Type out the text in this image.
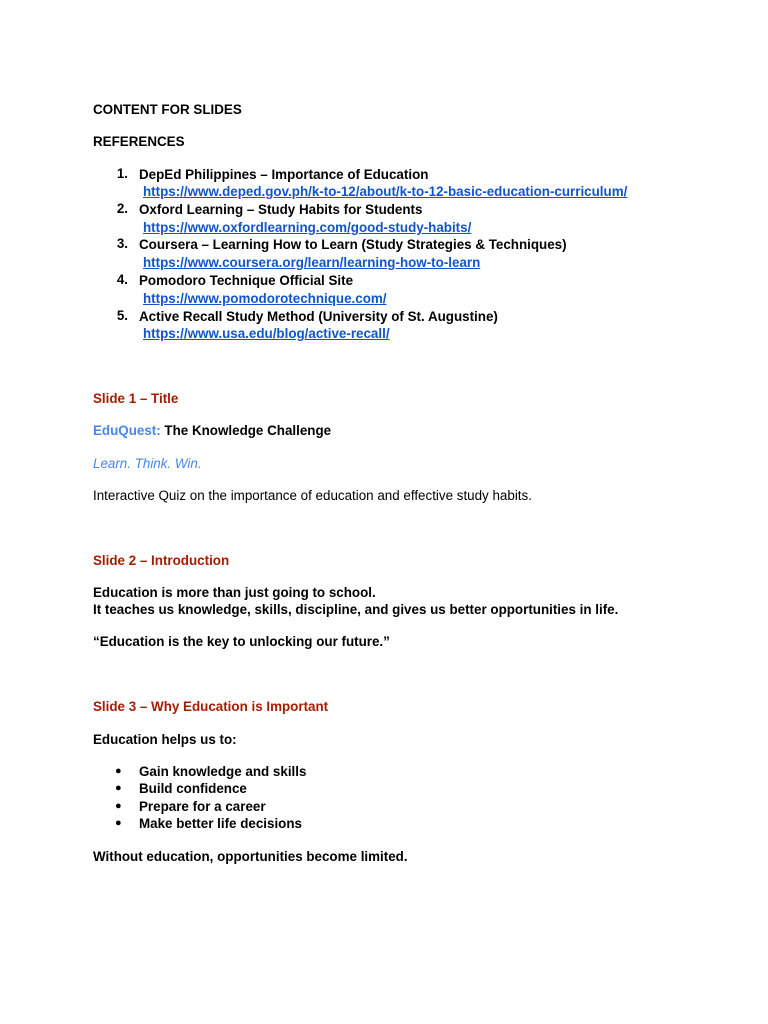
CONTENT FOR SLIDES
REFERENCES
1. DepEd Philippines – Importance of Education
https://www.deped.gov.ph/k-to-12/about/k-to-12-basic-education-curriculum/
2. Oxford Learning – Study Habits for Students
https://www.oxfordlearning.com/good-study-habits/
3. Coursera – Learning How to Learn (Study Strategies & Techniques)
https://www.coursera.org/learn/learning-how-to-learn
4. Pomodoro Technique Official Site
https://www.pomodorotechnique.com/
5. Active Recall Study Method (University of St. Augustine)
https://www.usa.edu/blog/active-recall/
Slide 1 – Title
EduQuest: The Knowledge Challenge
Learn. Think. Win.
Interactive Quiz on the importance of education and effective study habits.
Slide 2 – Introduction
Education is more than just going to school.
It teaches us knowledge, skills, discipline, and gives us better opportunities in life.
“Education is the key to unlocking our future.”
Slide 3 – Why Education is Important
Education helps us to:
● Gain knowledge and skills
● Build confidence
● Prepare for a career
● Make better life decisions
Without education, opportunities become limited.
